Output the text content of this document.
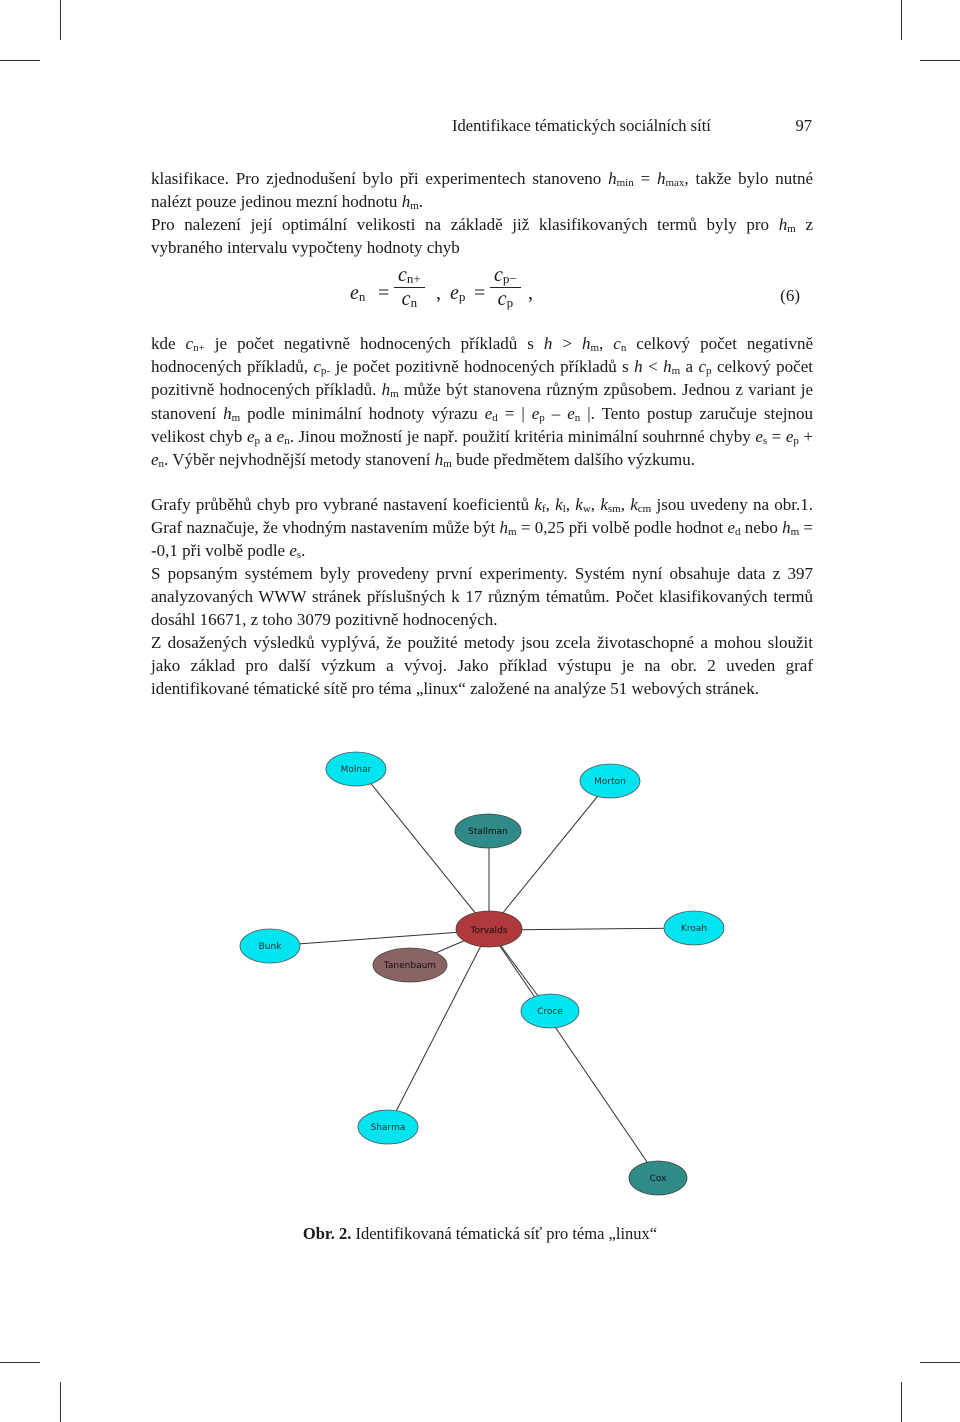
Identifikace tématických sociálních sítí	97

klasifikace. Pro zjednodušení bylo při experimentech stanoveno $h_{min} = h_{max}$, takže bylo nutné nalézt pouze jedinou mezní hodnotu $h_m$.

Pro nalezení její optimální velikosti na základě již klasifikovaných termů byly pro $h_m$ z vybraného intervalu vypočteny hodnoty chyb

$e_n = \frac{c_{n+}}{c_n}$ , $e_p = \frac{c_{p-}}{c_p}$ ,	(6)

kde $c_{n+}$ je počet negativně hodnocených příkladů s $h > h_m$, $c_n$ celkový počet negativně hodnocených příkladů, $c_{p-}$ je počet pozitivně hodnocených příkladů s $h < h_m$ a $c_p$ celkový počet pozitivně hodnocených příkladů. $h_m$ může být stanovena různým způsobem. Jednou z variant je stanovení $h_m$ podle minimální hodnoty výrazu $e_d$ = | $e_p - e_n$ |. Tento postup zaručuje stejnou velikost chyb $e_p$ a $e_n$. Jinou možností je např. použití kritéria minimální souhrnné chyby $e_s = e_p + e_n$. Výběr nejvhodnější metody stanovení $h_m$ bude předmětem dalšího výzkumu.

Grafy průběhů chyb pro vybrané nastavení koeficientů $k_f$, $k_l$, $k_w$, $k_{sm}$, $k_{cm}$ jsou uvedeny na obr.1. Graf naznačuje, že vhodným nastavením může být $h_m = 0,25$ při volbě podle hodnot $e_d$ nebo $h_m = -0,1$ při volbě podle $e_s$.

S popsaným systémem byly provedeny první experimenty. Systém nyní obsahuje data z 397 analyzovaných WWW stránek příslušných k 17 různým tématům. Počet klasifikovaných termů dosáhl 16671, z toho 3079 pozitivně hodnocených.

Z dosažených výsledků vyplývá, že použité metody jsou zcela životaschopné a mohou sloužit jako základ pro další výzkum a vývoj. Jako příklad výstupu je na obr. 2 uveden graf identifikované tématické sítě pro téma „linux“ založené na analýze 51 webových stránek.

Molnar
Morton
Stallman
Kroah
Bunk
Tanenbaum
Torvalds
Croce
Sharma
Cox
Obr. 2. Identifikovaná tématická síť pro téma „linux“
